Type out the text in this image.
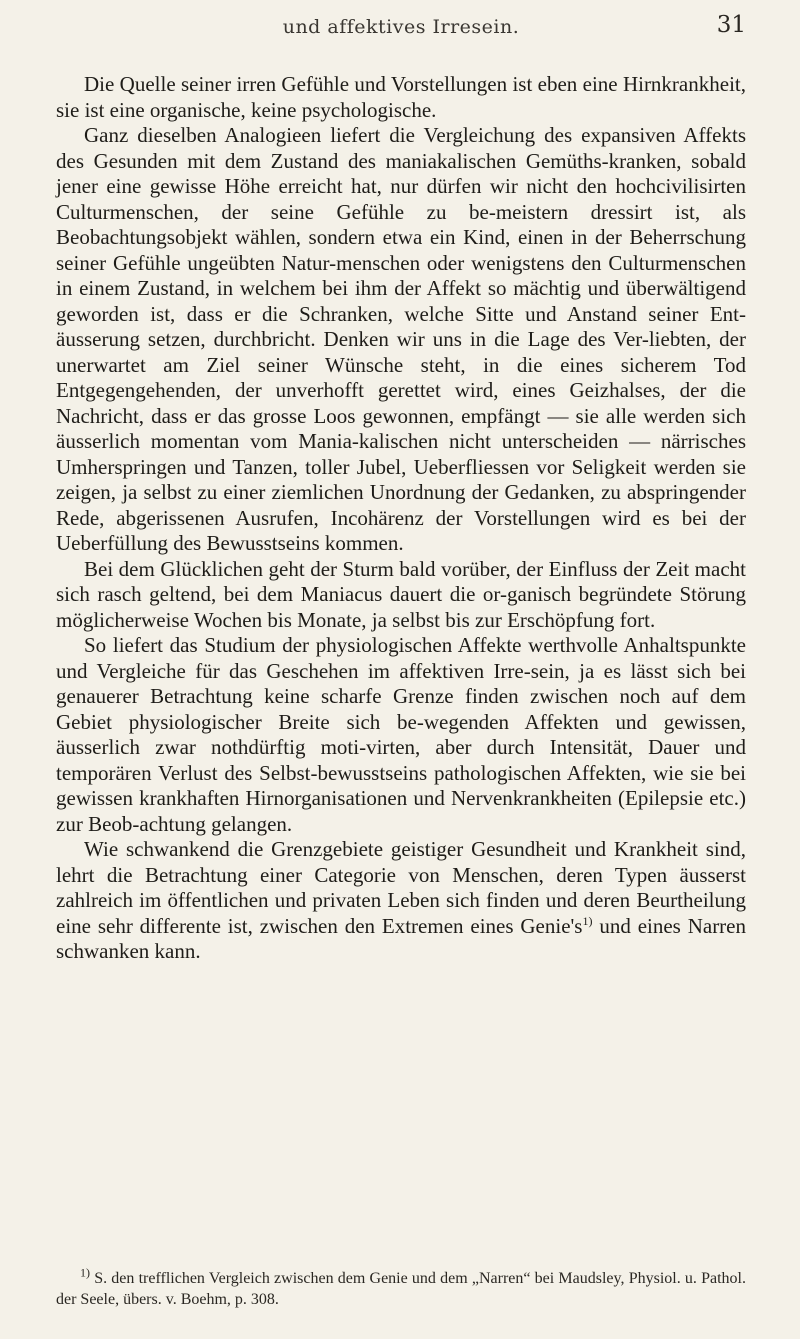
und affektives Irresein.	31

Die Quelle seiner irren Gefühle und Vorstellungen ist eben eine Hirnkrankheit, sie ist eine organische, keine psychologische.

Ganz dieselben Analogieen liefert die Vergleichung des expansiven Affekts des Gesunden mit dem Zustand des maniakalischen Gemüths-kranken, sobald jener eine gewisse Höhe erreicht hat, nur dürfen wir nicht den hochcivilisirten Culturmenschen, der seine Gefühle zu be-meistern dressirt ist, als Beobachtungsobjekt wählen, sondern etwa ein Kind, einen in der Beherrschung seiner Gefühle ungeübten Natur-menschen oder wenigstens den Culturmenschen in einem Zustand, in welchem bei ihm der Affekt so mächtig und überwältigend geworden ist, dass er die Schranken, welche Sitte und Anstand seiner Ent-äusserung setzen, durchbricht. Denken wir uns in die Lage des Ver-liebten, der unerwartet am Ziel seiner Wünsche steht, in die eines sicherem Tod Entgegengehenden, der unverhofft gerettet wird, eines Geizhalses, der die Nachricht, dass er das grosse Loos gewonnen, empfängt — sie alle werden sich äusserlich momentan vom Mania-kalischen nicht unterscheiden — närrisches Umherspringen und Tanzen, toller Jubel, Ueberfliessen vor Seligkeit werden sie zeigen, ja selbst zu einer ziemlichen Unordnung der Gedanken, zu abspringender Rede, abgerissenen Ausrufen, Incohärenz der Vorstellungen wird es bei der Ueberfüllung des Bewusstseins kommen.

Bei dem Glücklichen geht der Sturm bald vorüber, der Einfluss der Zeit macht sich rasch geltend, bei dem Maniacus dauert die or-ganisch begründete Störung möglicherweise Wochen bis Monate, ja selbst bis zur Erschöpfung fort.

So liefert das Studium der physiologischen Affekte werthvolle Anhaltspunkte und Vergleiche für das Geschehen im affektiven Irre-sein, ja es lässt sich bei genauerer Betrachtung keine scharfe Grenze finden zwischen noch auf dem Gebiet physiologischer Breite sich be-wegenden Affekten und gewissen, äusserlich zwar nothdürftig moti-virten, aber durch Intensität, Dauer und temporären Verlust des Selbst-bewusstseins pathologischen Affekten, wie sie bei gewissen krankhaften Hirnorganisationen und Nervenkrankheiten (Epilepsie etc.) zur Beob-achtung gelangen.

Wie schwankend die Grenzgebiete geistiger Gesundheit und Krankheit sind, lehrt die Betrachtung einer Categorie von Menschen, deren Typen äusserst zahlreich im öffentlichen und privaten Leben sich finden und deren Beurtheilung eine sehr differente ist, zwischen den Extremen eines $Genie's^{1)}$ und eines Narren schwanken kann.

$^{1)}$ S. den trefflichen Vergleich zwischen dem Genie und dem „Narren“ bei Maudsley, Physiol. u. Pathol. der Seele, übers. v. Boehm, p. 308.
